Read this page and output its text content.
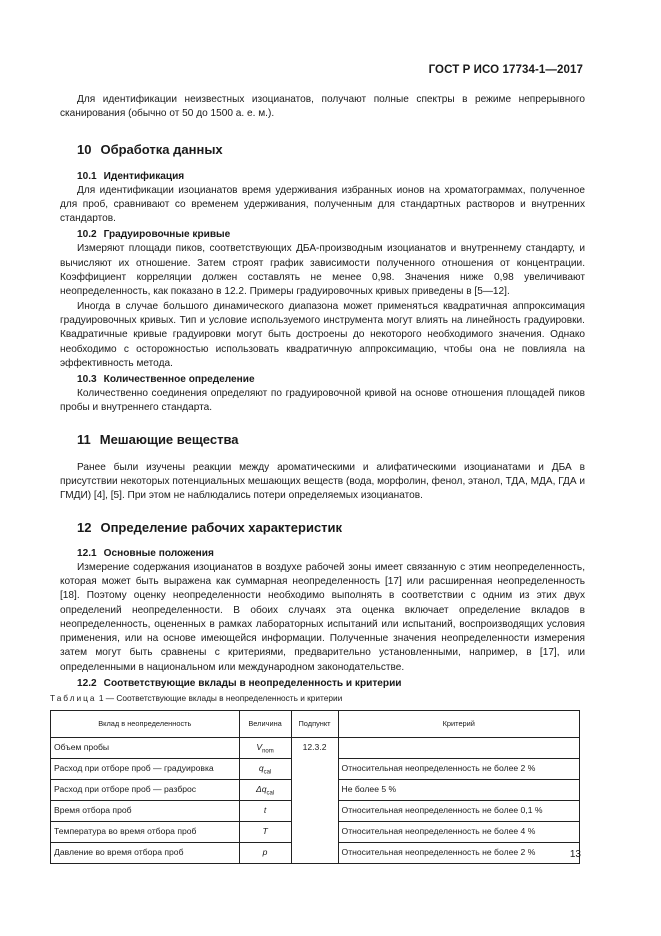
ГОСТ Р ИСО 17734-1—2017

Для идентификации неизвестных изоцианатов, получают полные спектры в режиме непрерывного сканирования (обычно от 50 до 1500 а. е. м.).

10 Обработка данных
10.1 Идентификация

Для идентификации изоцианатов время удерживания избранных ионов на хроматограммах, полученное для проб, сравнивают со временем удерживания, полученным для стандартных растворов и внутренних стандартов.

10.2 Градуировочные кривые

Измеряют площади пиков, соответствующих ДБА-производным изоцианатов и внутреннему стандарту, и вычисляют их отношение. Затем строят график зависимости полученного отношения от концентрации. Коэффициент корреляции должен составлять не менее 0,98. Значения ниже 0,98 увеличивают неопределенность, как показано в 12.2. Примеры градуировочных кривых приведены в [5—12].

Иногда в случае большого динамического диапазона может применяться квадратичная аппроксимация градуировочных кривых. Тип и условие используемого инструмента могут влиять на линейность градуировки. Квадратичные кривые градуировки могут быть достроены до некоторого необходимого значения. Однако необходимо с осторожностью использовать квадратичную аппроксимацию, чтобы она не повлияла на эффективность метода.

10.3 Количественное определение

Количественно соединения определяют по градуировочной кривой на основе отношения площадей пиков пробы и внутреннего стандарта.

11 Мешающие вещества

Ранее были изучены реакции между ароматическими и алифатическими изоцианатами и ДБА в присутствии некоторых потенциальных мешающих веществ (вода, морфолин, фенол, этанол, ТДА, МДА, ГДА и ГМДИ) [4], [5]. При этом не наблюдались потери определяемых изоцианатов.

12 Определение рабочих характеристик
12.1 Основные положения

Измерение содержания изоцианатов в воздухе рабочей зоны имеет связанную с этим неопределенность, которая может быть выражена как суммарная неопределенность [17] или расширенная неопределенность [18]. Поэтому оценку неопределенности необходимо выполнять в соответствии с одним из этих двух определений неопределенности. В обоих случаях эта оценка включает определение вкладов в неопределенность, оцененных в рамках лабораторных испытаний или испытаний, воспроизводящих условия применения, или на основе имеющейся информации. Полученные значения неопределенности измерения затем могут быть сравнены с критериями, предварительно установленными, например, в [17], или определенными в национальном или международном законодательстве.

12.2 Соответствующие вклады в неопределенность и критерии
Таблица 1 — Соответствующие вклады в неопределенность и критерии
Вклад в неопределенность	Величина	Подпункт	Критерий
Объем пробы	$V_{nom}$	12.3.2	
Расход при отборе проб — градуировка	$q_{cal}$		Относительная неопределенность не более 2 %
Расход при отборе проб — разброс	$\Delta q_{cal}$		Не более 5 %
Время отбора проб	t		Относительная неопределенность не более 0,1 %
Температура во время отбора проб	T		Относительная неопределенность не более 4 %
Давление во время отбора проб	p		Относительная неопределенность не более 2 %	13
